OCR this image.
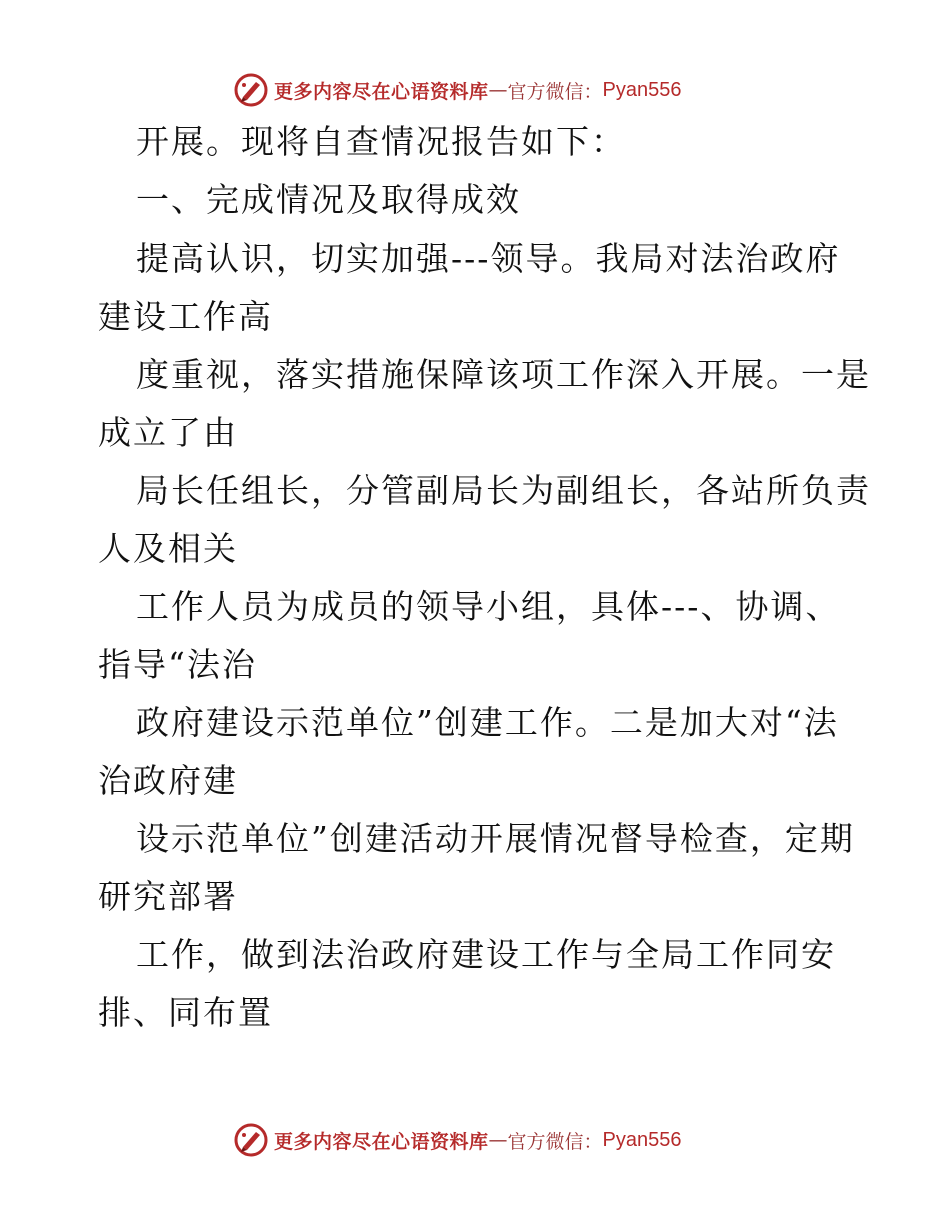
更多内容尽在心语资料库 — 官方微信： Pyan556
开展。现将自查情况报告如下：
一、完成情况及取得成效
提高认识，切实加强---领导。我局对法治政府
建设工作高
度重视，落实措施保障该项工作深入开展。一是
成立了由
局长任组长，分管副局长为副组长，各站所负责
人及相关
工作人员为成员的领导小组，具体---、协调、
指导“法治
政府建设示范单位”创建工作。二是加大对“法
治政府建
设示范单位”创建活动开展情况督导检查，定期
研究部署
工作，做到法治政府建设工作与全局工作同安
排、同布置
更多内容尽在心语资料库 — 官方微信： Pyan556
